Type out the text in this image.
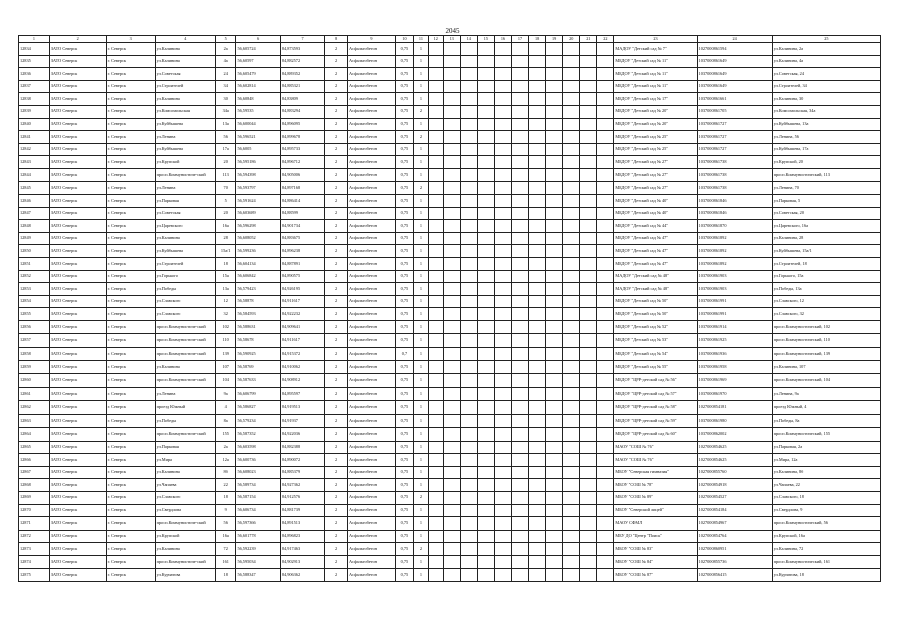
2045
1	2	3	4	5	6	7	8	9	10	11	12	13	14	15	16	17	18	19	20	21	22	23	24	25
12834	ЗАТО Северск	г. Северск	ул.Калинина	2а	56,605724	84,873593	2	Асфальтобетон	0,75	1												МАДОУ "Детский сад № 7"	1027000861594	ул.Калинина, 2а
12835	ЗАТО Северск	г. Северск	ул.Калинина	4а	56,60597	84,882572	2	Асфальтобетон	0,75	1												МБДОУ "Детский сад № 11"	1037000861649	ул.Калинина, 4а
12836	ЗАТО Северск	г. Северск	ул.Советская	24	56,605479	84,889352	2	Асфальтобетон	0,75	1												МБДОУ "Детский сад № 11"	1037000861649	ул.Советская, 24
12837	ЗАТО Северск	г. Северск	ул.Строителей	34	56,602814	84,885321	2	Асфальтобетон	0,75	1												МБДОУ "Детский сад № 11"	1037000861649	ул.Строителей, 34
12838	ЗАТО Северск	г. Северск	ул.Калинина	30	56,60848	84,83809	2	Асфальтобетон	0,75	1												МБДОУ "Детский сад № 17"	1037000861661	ул.Калинина, 30
12839	ЗАТО Северск	г. Северск	ул.Комсомольская	34а	56,59535	84,883294	2	Асфальтобетон	0,75	2												МБДОУ "Детский сад № 20"	1037000861705	ул.Комсомольская, 34а
12840	ЗАТО Северск	г. Северск	ул.Куйбышева	13а	56,600044	84,896095	2	Асфальтобетон	0,75	1												МБДОУ "Детский сад № 20"	1037000861727	ул.Куйбышева, 13а
12841	ЗАТО Северск	г. Северск	ул.Ленина	56	56,596521	84,899678	2	Асфальтобетон	0,75	2												МБДОУ "Детский сад № 25"	1037000861727	ул.Ленина, 56
12842	ЗАТО Северск	г. Северск	ул.Куйбышева	17а	56,6005	84,895733	2	Асфальтобетон	0,75	1												МБДОУ "Детский сад № 25"	1037000861727	ул.Куйбышева, 17а
12843	ЗАТО Северск	г. Северск	ул.Крупской	20	56,595186	84,896712	2	Асфальтобетон	0,75	1												МБДОУ "Детский сад № 27"	1037000861738	ул.Крупской, 20
12844	ЗАТО Северск	г. Северск	просп.Коммунистиче-ский	113	56,594398	84,905006	2	Асфальтобетон	0,75	1												МБДОУ "Детский сад № 27"	1037000861738	просп.Коммунистический, 113
12845	ЗАТО Северск	г. Северск	ул.Ленина	70	56,593797	84,897168	2	Асфальтобетон	0,75	2												МБДОУ "Детский сад № 27"	1037000861738	ул.Ленина, 70
12846	ЗАТО Северск	г. Северск	ул.Парковая	5	56,591624	84,886414	2	Асфальтобетон	0,75	1												МБДОУ "Детский сад № 40"	1037000861846	ул.Парковая, 5
12847	ЗАТО Северск	г. Северск	ул.Советская	20	56,603689	84,88599	2	Асфальтобетон	0,75	1												МБДОУ "Детский сад № 40"	1037000861846	ул.Советская, 20
12848	ЗАТО Северск	г. Северск	ул.Царевского	16а	56,596298	84,901734	2	Асфальтобетон	0,75	1												МБДОУ "Детский сад № 44"	1037000861870	ул.Царевского, 16а
12849	ЗАТО Северск	г. Северск	ул.Калинина	28	56,608052	84,883675	2	Асфальтобетон	0,75	1												МБДОУ "Детский сад № 47"	1037000861892	ул.Калинина, 28
12850	ЗАТО Северск	г. Северск	ул.Куйбышева	15а/1	56,599236	84,896238	2	Асфальтобетон	0,75	1												МБДОУ "Детский сад № 47"	1037000861892	ул.Куйбышева, 15а/1
12851	ЗАТО Северск	г. Северск	ул.Строителей	18	56,604134	84,887891	2	Асфальтобетон	0,75	1												МБДОУ "Детский сад № 47"	1037000861892	ул.Строителей, 18
12852	ЗАТО Северск	г. Северск	ул.Горького	15а	56,606842	84,890575	2	Асфальтобетон	0,75	1												МАДОУ "Детский сад № 48"	1037000861903	ул.Горького, 15а
12853	ЗАТО Северск	г. Северск	ул.Победы	13а	56,579423	84,926195	2	Асфальтобетон	0,75	1												МАДОУ "Детский сад № 48"	1037000861903	ул.Победы, 13а
12854	ЗАТО Северск	г. Северск	ул.Славского	12	56,58878	84,911617	2	Асфальтобетон	0,75	1												МБДОУ "Детский сад № 50"	1037000861991	ул.Славского, 12
12855	ЗАТО Северск	г. Северск	ул.Славского	32	56,584593	84,922232	2	Асфальтобетон	0,75	1												МБДОУ "Детский сад № 50"	1037000861991	ул.Славского, 32
12856	ЗАТО Северск	г. Северск	просп.Коммунистиче-ский	102	56,588631	84,909641	2	Асфальтобетон	0,75	1												МБДОУ "Детский сад № 52"	1037000861914	просп.Коммунистический, 102
12857	ЗАТО Северск	г. Северск	просп.Коммунистиче-ский	110	56,58678	84,911617	2	Асфальтобетон	0,75	1												МБДОУ "Детский сад № 53"	1037000861925	просп.Коммунистический, 110
12858	ЗАТО Северск	г. Северск	просп.Коммунистиче-ский	139	56,590925	84,915372	2	Асфальтобетон	0,7	1												МБДОУ "Детский сад № 54"	1037000861936	просп.Коммунистический, 139
12859	ЗАТО Северск	г. Северск	ул.Калинина	107	56,58769	84,910062	2	Асфальтобетон	0,75	1												МБДОУ "Детский сад № 55"	1037000861958	ул.Калинина, 107
12860	ЗАТО Северск	г. Северск	просп.Коммунистиче-ский	104	56,587633	84,908912	2	Асфальтобетон	0,75	1												МБДОУ "ЦРР-детский сад № 56"	1037000861969	просп.Коммунистический, 104
12861	ЗАТО Северск	г. Северск	ул.Ленина	9а	56,606799	84,895597	2	Асфальтобетон	0,75	1												МБДОУ "ЦРР-детский сад № 57"	1037000861970	ул.Ленина, 9а
12862	ЗАТО Северск	г. Северск	проезд Южный	4	56,586827	84,919513	2	Асфальтобетон	0,75	1												МБДОУ "ЦРР-детский сад № 58"	1027000854181	проезд Южный, 4
12863	ЗАТО Северск	г. Северск	ул.Победы	8а	56,579234	84,91937	2	Асфальтобетон	0,75	1												МБДОУ "ЦРР-детский сад № 59"	1037000861980	ул.Победы, 8а
12864	ЗАТО Северск	г. Северск	просп.Коммунистиче-ский	155	56,587352	84,922036	2	Асфальтобетон	0,75	1												МБДОУ "ЦРР-детский сад № 60"	1037000862002	просп.Коммунистический, 155
12865	ЗАТО Северск	г. Северск	ул.Парковая	2а	56,603598	84,882388	2	Асфальтобетон	0,75	1												МАОУ "СОШ № 76"	1027000854625	ул.Парковая, 2а
12866	ЗАТО Северск	г. Северск	ул.Мира	12а	56,600736	84,890072	2	Асфальтобетон	0,75	1												МАОУ "СОШ № 76"	1027000854625	ул.Мира, 12а
12867	ЗАТО Северск	г. Северск	ул.Калинина	8б	56,608023	84,885379	2	Асфальтобетон	0,75	1												МБОУ "Северская гимназия"	1027000855760	ул.Калинина, 8б
12868	ЗАТО Северск	г. Северск	ул.Чапаева	22	56,589734	84,927362	2	Асфальтобетон	0,75	1												МБОУ "СОШ № 78"	1027000854918	ул.Чапаева, 22
12869	ЗАТО Северск	г. Северск	ул.Славского	18	56,587154	84,912576	2	Асфальтобетон	0,75	2												МБОУ "СОШ № 89"	1027000854527	ул.Славского, 18
12870	ЗАТО Северск	г. Северск	ул.Свердлова	9	56,606734	84,881739	2	Асфальтобетон	0,75	1												МБОУ "Северский лицей"	1027000854184	ул.Свердлова, 9
12871	ЗАТО Северск	г. Северск	просп.Коммунистиче-ский	56	56,597366	84,891513	2	Асфальтобетон	0,75	1												МАОУ СФМЛ	1027000854967	просп.Коммунистический, 56
12872	ЗАТО Северск	г. Северск	ул.Крупской	16а	56,601778	84,896823	2	Асфальтобетон	0,75	1												МБУ ДО "Центр "Поиск"	1027000854764	ул.Крупской, 16а
12873	ЗАТО Северск	г. Северск	ул.Калинина	72	56,592239	84,917463	2	Асфальтобетон	0,75	2												МБОУ "СОШ № 83"	1027000860951	ул.Калинина, 72
12874	ЗАТО Северск	г. Северск	просп.Коммунистиче-ский	161	56,595034	84,902913	2	Асфальтобетон	0,75	1												МБОУ "СОШ № 84"	1027000855736	просп.Коммунистический, 161
12875	ЗАТО Северск	г. Северск	ул.Курчатова	18	56,588347	84,906362	2	Асфальтобетон	0,75	1												МБОУ "СОШ № 87"	1027000856415	ул.Курчатова, 18
